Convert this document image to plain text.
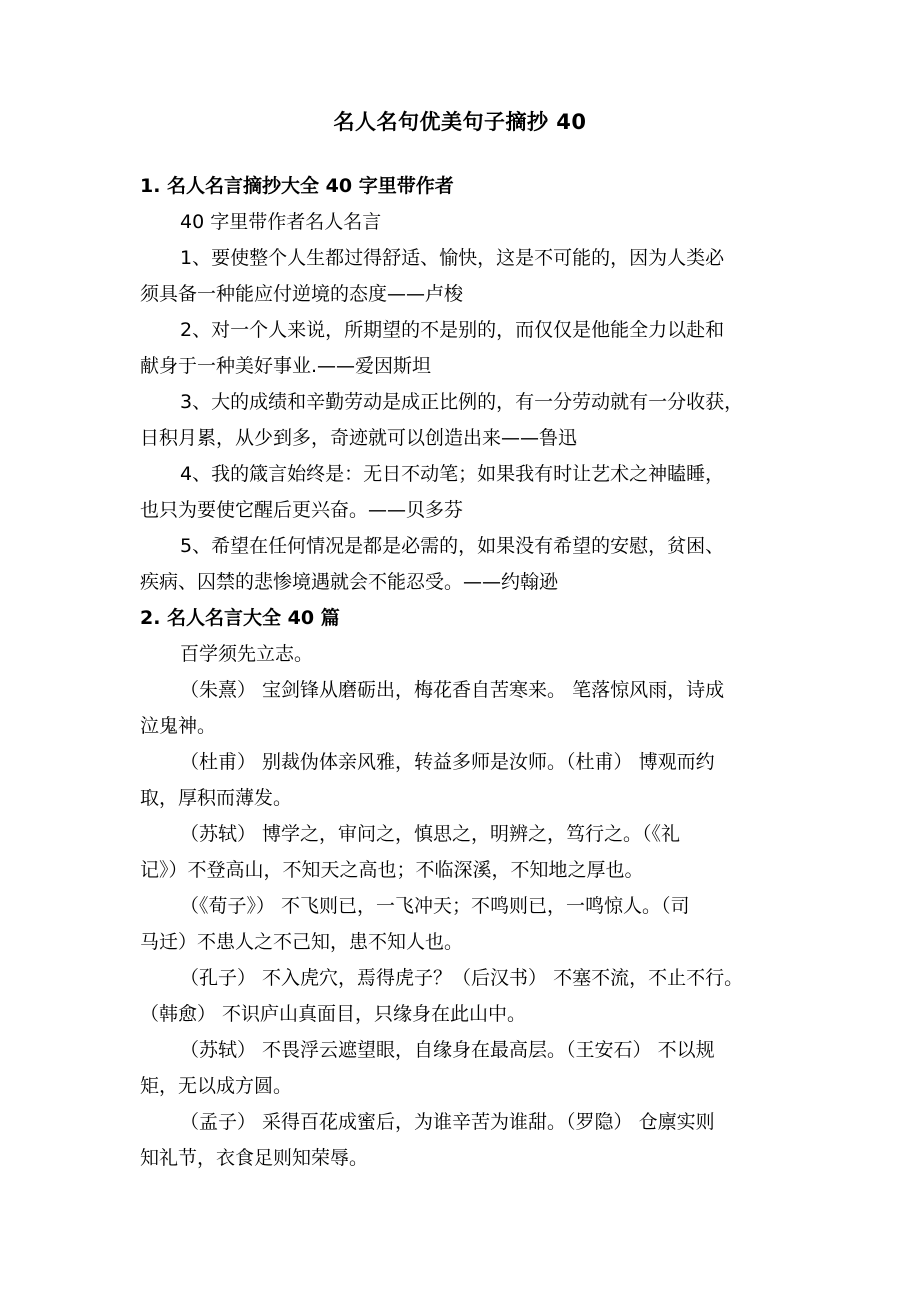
名人名句优美句子摘抄 40
1. 名人名言摘抄大全 40 字里带作者
40 字里带作者名人名言
1、要使整个人生都过得舒适、愉快，这是不可能的，因为人类必
须具备一种能应付逆境的态度——卢梭
2、对一个人来说，所期望的不是别的，而仅仅是他能全力以赴和
献身于一种美好事业.——爱因斯坦
3、大的成绩和辛勤劳动是成正比例的，有一分劳动就有一分收获，
日积月累，从少到多，奇迹就可以创造出来——鲁迅
4、我的箴言始终是：无日不动笔；如果我有时让艺术之神瞌睡，
也只为要使它醒后更兴奋。——贝多芬
5、希望在任何情况是都是必需的，如果没有希望的安慰，贫困、
疾病、囚禁的悲惨境遇就会不能忍受。——约翰逊
2. 名人名言大全 40 篇
百学须先立志。
（朱熹） 宝剑锋从磨砺出，梅花香自苦寒来。 笔落惊风雨，诗成
泣鬼神。
（杜甫） 别裁伪体亲风雅，转益多师是汝师。（杜甫） 博观而约
取，厚积而薄发。
（苏轼） 博学之，审问之，慎思之，明辨之，笃行之。（《礼
记》）不登高山，不知天之高也；不临深溪，不知地之厚也。
（《荀子》） 不飞则已，一飞冲天；不鸣则已，一鸣惊人。（司
马迁）不患人之不己知，患不知人也。
（孔子） 不入虎穴，焉得虎子？（后汉书） 不塞不流，不止不行。
（韩愈） 不识庐山真面目，只缘身在此山中。
（苏轼） 不畏浮云遮望眼，自缘身在最高层。（王安石） 不以规
矩，无以成方圆。
（孟子） 采得百花成蜜后，为谁辛苦为谁甜。（罗隐） 仓廪实则
知礼节，衣食足则知荣辱。
